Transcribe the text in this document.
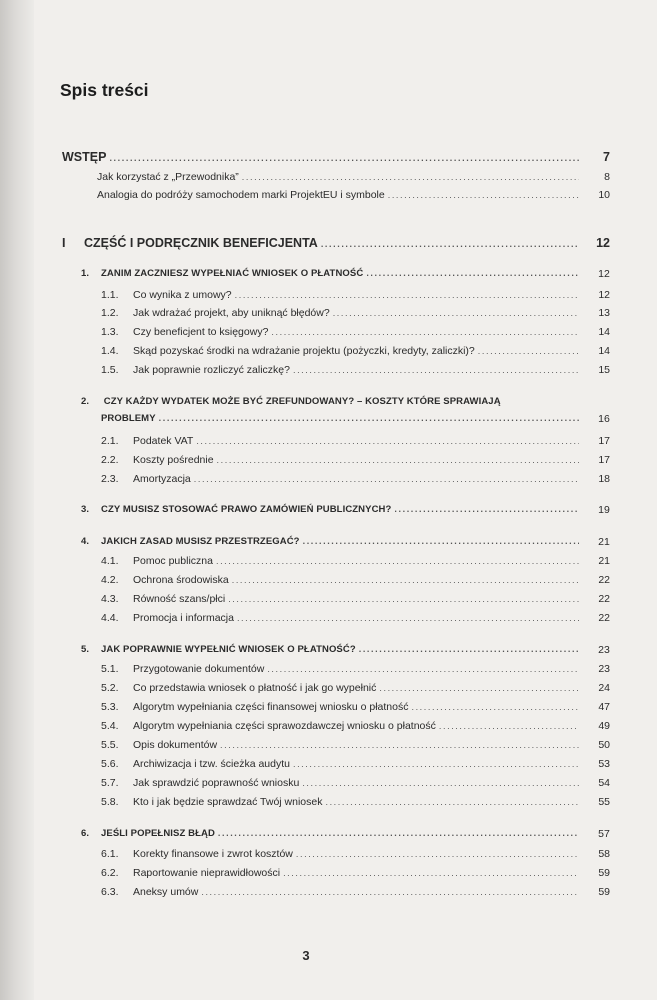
Spis treści
WSTĘP .....	7
Jak korzystać z „Przewodnika” .....	8
Analogia do podróży samochodem marki ProjektEU i symbole .....	10
I	CZĘŚĆ I PODRĘCZNIK BENEFICJENTA .....	12
1.	ZANIM ZACZNIESZ WYPEŁNIAĆ WNIOSEK O PŁATNOŚĆ .....	12
1.1.	Co wynika z umowy? .....	12
1.2.	Jak wdrażać projekt, aby uniknąć błędów? .....	13
1.3.	Czy beneficjent to księgowy? .....	14
1.4.	Skąd pozyskać środki na wdrażanie projektu (pożyczki, kredyty, zaliczki)? .....	14
1.5.	Jak poprawnie rozliczyć zaliczkę? .....	15
2. CZY KAŻDY WYDATEK MOŻE BYĆ ZREFUNDOWANY? – KOSZTY KTÓRE SPRAWIAJĄ
PROBLEMY .....	16
2.1.	Podatek VAT .....	17
2.2.	Koszty pośrednie .....	17
2.3.	Amortyzacja .....	18
3.	CZY MUSISZ STOSOWAĆ PRAWO ZAMÓWIEŃ PUBLICZNYCH? .....	19
4.	JAKICH ZASAD MUSISZ PRZESTRZEGAĆ? .....	21
4.1.	Pomoc publiczna .....	21
4.2.	Ochrona środowiska .....	22
4.3.	Równość szans/płci .....	22
4.4.	Promocja i informacja .....	22
5.	JAK POPRAWNIE WYPEŁNIĆ WNIOSEK O PŁATNOŚĆ? .....	23
5.1.	Przygotowanie dokumentów .....	23
5.2.	Co przedstawia wniosek o płatność i jak go wypełnić .....	24
5.3.	Algorytm wypełniania części finansowej wniosku o płatność .....	47
5.4.	Algorytm wypełniania części sprawozdawczej wniosku o płatność .....	49
5.5.	Opis dokumentów .....	50
5.6.	Archiwizacja i tzw. ścieżka audytu .....	53
5.7.	Jak sprawdzić poprawność wniosku .....	54
5.8.	Kto i jak będzie sprawdzać Twój wniosek .....	55
6.	JEŚLI POPEŁNISZ BŁĄD .....	57
6.1.	Korekty finansowe i zwrot kosztów .....	58
6.2.	Raportowanie nieprawidłowości .....	59
6.3.	Aneksy umów .....	59
3
